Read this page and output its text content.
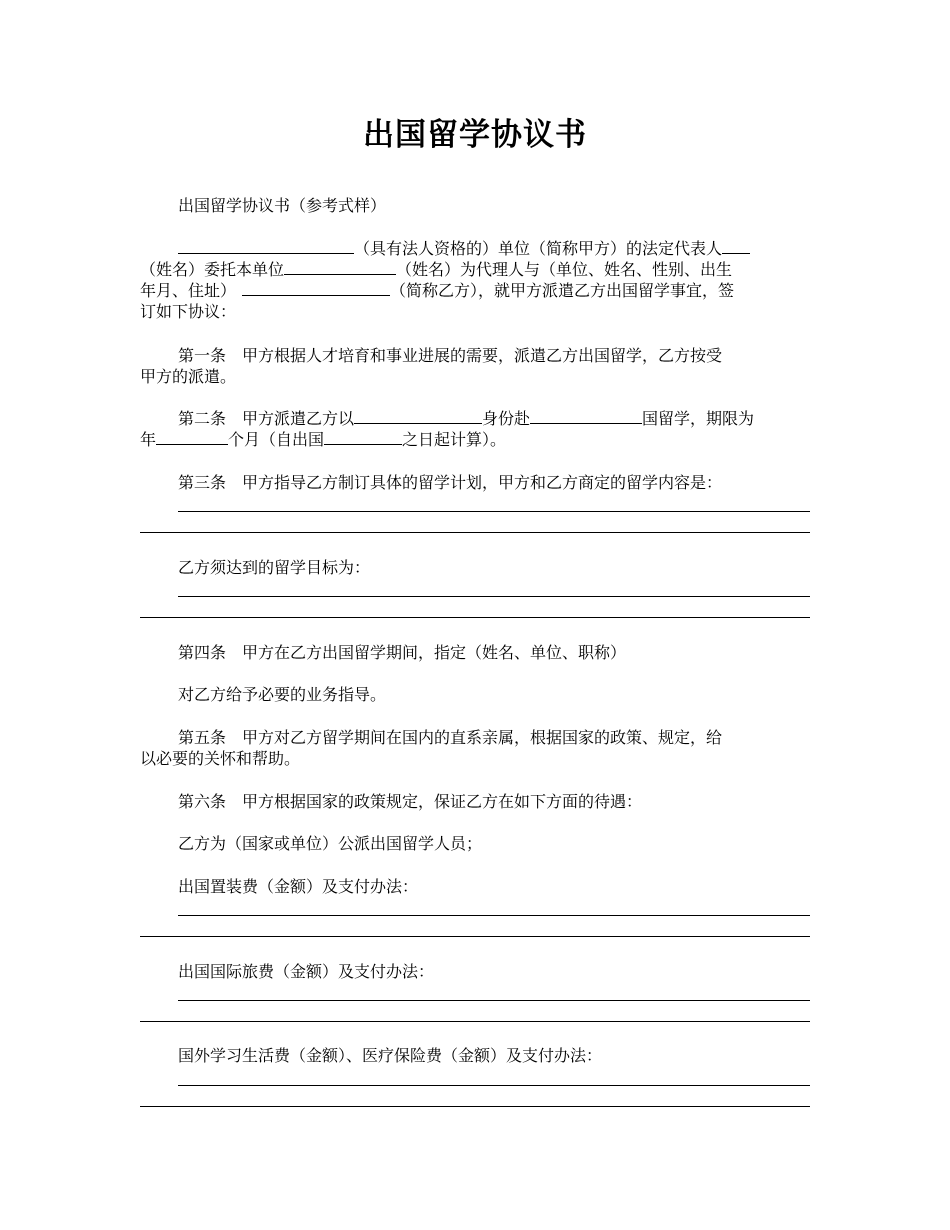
出国留学协议书
出国留学协议书（参考式样）
（具有法人资格的）单位（简称甲方）的法定代表人
（姓名）委托本单位	（姓名）为代理人与（单位、姓名、性别、出生
年月、住址）	（简称乙方），就甲方派遣乙方出国留学事宜，签
订如下协议：
第一条　甲方根据人才培育和事业进展的需要，派遣乙方出国留学，乙方按受
甲方的派遣。
第二条　甲方派遣乙方以	身份赴	国留学，期限为
年	个月（自出国	之日起计算）。
第三条　甲方指导乙方制订具体的留学计划，甲方和乙方商定的留学内容是：
乙方须达到的留学目标为：
第四条　甲方在乙方出国留学期间，指定（姓名、单位、职称）
对乙方给予必要的业务指导。
第五条　甲方对乙方留学期间在国内的直系亲属，根据国家的政策、规定，给
以必要的关怀和帮助。
第六条　甲方根据国家的政策规定，保证乙方在如下方面的待遇：
乙方为（国家或单位）公派出国留学人员；
出国置装费（金额）及支付办法：
出国国际旅费（金额）及支付办法：
国外学习生活费（金额）、医疗保险费（金额）及支付办法：
